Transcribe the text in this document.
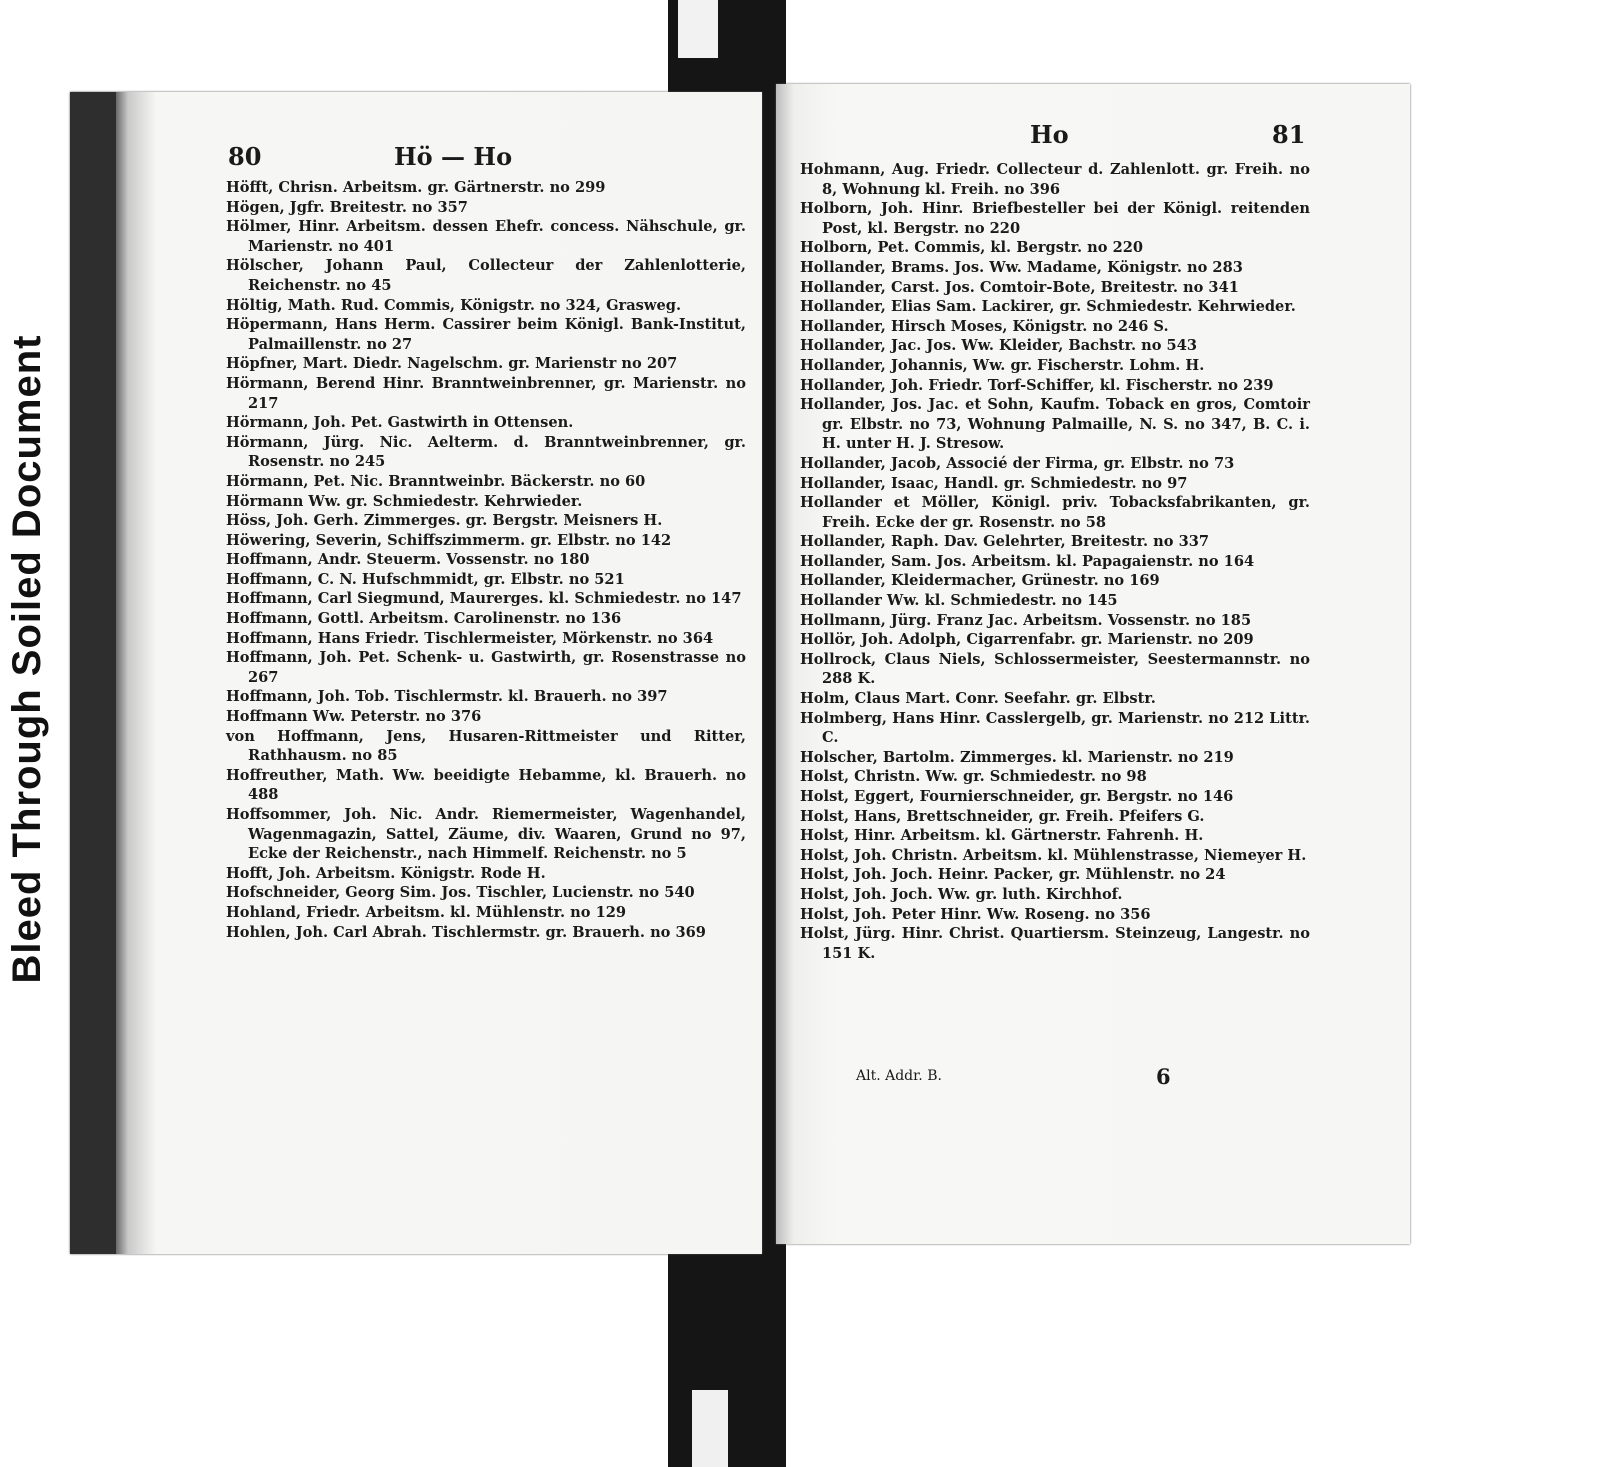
Bleed Through Soiled Document
80	Hö — Ho
Ho	81

Höfft, Chrisn. Arbeitsm. gr. Gärtnerstr. no 299

Högen, Jgfr. Breitestr. no 357

Hölmer, Hinr. Arbeitsm. dessen Ehefr. concess. Nähschule, gr. Marienstr. no 401

Hölscher, Johann Paul, Collecteur der Zahlenlotterie, Reichenstr. no 45

Höltig, Math. Rud. Commis, Königstr. no 324, Grasweg.

Höpermann, Hans Herm. Cassirer beim Königl. Bank-Institut, Palmaillenstr. no 27

Höpfner, Mart. Diedr. Nagelschm. gr. Marienstr no 207

Hörmann, Berend Hinr. Branntweinbrenner, gr. Marienstr. no 217

Hörmann, Joh. Pet. Gastwirth in Ottensen.

Hörmann, Jürg. Nic. Aelterm. d. Branntweinbrenner, gr. Rosenstr. no 245

Hörmann, Pet. Nic. Branntweinbr. Bäckerstr. no 60

Hörmann Ww. gr. Schmiedestr. Kehrwieder.

Höss, Joh. Gerh. Zimmerges. gr. Bergstr. Meisners H.

Höwering, Severin, Schiffszimmerm. gr. Elbstr. no 142

Hoffmann, Andr. Steuerm. Vossenstr. no 180

Hoffmann, C. N. Hufschmmidt, gr. Elbstr. no 521

Hoffmann, Carl Siegmund, Maurerges. kl. Schmiedestr. no 147

Hoffmann, Gottl. Arbeitsm. Carolinenstr. no 136

Hoffmann, Hans Friedr. Tischlermeister, Mörkenstr. no 364

Hoffmann, Joh. Pet. Schenk- u. Gastwirth, gr. Rosenstrasse no 267

Hoffmann, Joh. Tob. Tischlermstr. kl. Brauerh. no 397

Hoffmann Ww. Peterstr. no 376

von Hoffmann, Jens, Husaren-Rittmeister und Ritter, Rathhausm. no 85

Hoffreuther, Math. Ww. beeidigte Hebamme, kl. Brauerh. no 488

Hoffsommer, Joh. Nic. Andr. Riemermeister, Wagenhandel, Wagenmagazin, Sattel, Zäume, div. Waaren, Grund no 97, Ecke der Reichenstr., nach Himmelf. Reichenstr. no 5

Hofft, Joh. Arbeitsm. Königstr. Rode H.

Hofschneider, Georg Sim. Jos. Tischler, Lucienstr. no 540

Hohland, Friedr. Arbeitsm. kl. Mühlenstr. no 129

Hohlen, Joh. Carl Abrah. Tischlermstr. gr. Brauerh. no 369

Hohmann, Aug. Friedr. Collecteur d. Zahlenlott. gr. Freih. no 8, Wohnung kl. Freih. no 396

Holborn, Joh. Hinr. Briefbesteller bei der Königl. reitenden Post, kl. Bergstr. no 220

Holborn, Pet. Commis, kl. Bergstr. no 220

Hollander, Brams. Jos. Ww. Madame, Königstr. no 283

Hollander, Carst. Jos. Comtoir-Bote, Breitestr. no 341

Hollander, Elias Sam. Lackirer, gr. Schmiedestr. Kehrwieder.

Hollander, Hirsch Moses, Königstr. no 246 S.

Hollander, Jac. Jos. Ww. Kleider, Bachstr. no 543

Hollander, Johannis, Ww. gr. Fischerstr. Lohm. H.

Hollander, Joh. Friedr. Torf-Schiffer, kl. Fischerstr. no 239

Hollander, Jos. Jac. et Sohn, Kaufm. Toback en gros, Comtoir gr. Elbstr. no 73, Wohnung Palmaille, N. S. no 347, B. C. i. H. unter H. J. Stresow.

Hollander, Jacob, Associé der Firma, gr. Elbstr. no 73

Hollander, Isaac, Handl. gr. Schmiedestr. no 97

Hollander et Möller, Königl. priv. Tobacksfabrikanten, gr. Freih. Ecke der gr. Rosenstr. no 58

Hollander, Raph. Dav. Gelehrter, Breitestr. no 337

Hollander, Sam. Jos. Arbeitsm. kl. Papagaienstr. no 164

Hollander, Kleidermacher, Grünestr. no 169

Hollander Ww. kl. Schmiedestr. no 145

Hollmann, Jürg. Franz Jac. Arbeitsm. Vossenstr. no 185

Hollör, Joh. Adolph, Cigarrenfabr. gr. Marienstr. no 209

Hollrock, Claus Niels, Schlossermeister, Seestermannstr. no 288 K.

Holm, Claus Mart. Conr. Seefahr. gr. Elbstr.

Holmberg, Hans Hinr. Casslergelb, gr. Marienstr. no 212 Littr. C.

Holscher, Bartolm. Zimmerges. kl. Marienstr. no 219

Holst, Christn. Ww. gr. Schmiedestr. no 98

Holst, Eggert, Fournierschneider, gr. Bergstr. no 146

Holst, Hans, Brettschneider, gr. Freih. Pfeifers G.

Holst, Hinr. Arbeitsm. kl. Gärtnerstr. Fahrenh. H.

Holst, Joh. Christn. Arbeitsm. kl. Mühlenstrasse, Niemeyer H.

Holst, Joh. Joch. Heinr. Packer, gr. Mühlenstr. no 24

Holst, Joh. Joch. Ww. gr. luth. Kirchhof.

Holst, Joh. Peter Hinr. Ww. Roseng. no 356

Holst, Jürg. Hinr. Christ. Quartiersm. Steinzeug, Langestr. no 151 K.

Alt. Addr. B.	6
